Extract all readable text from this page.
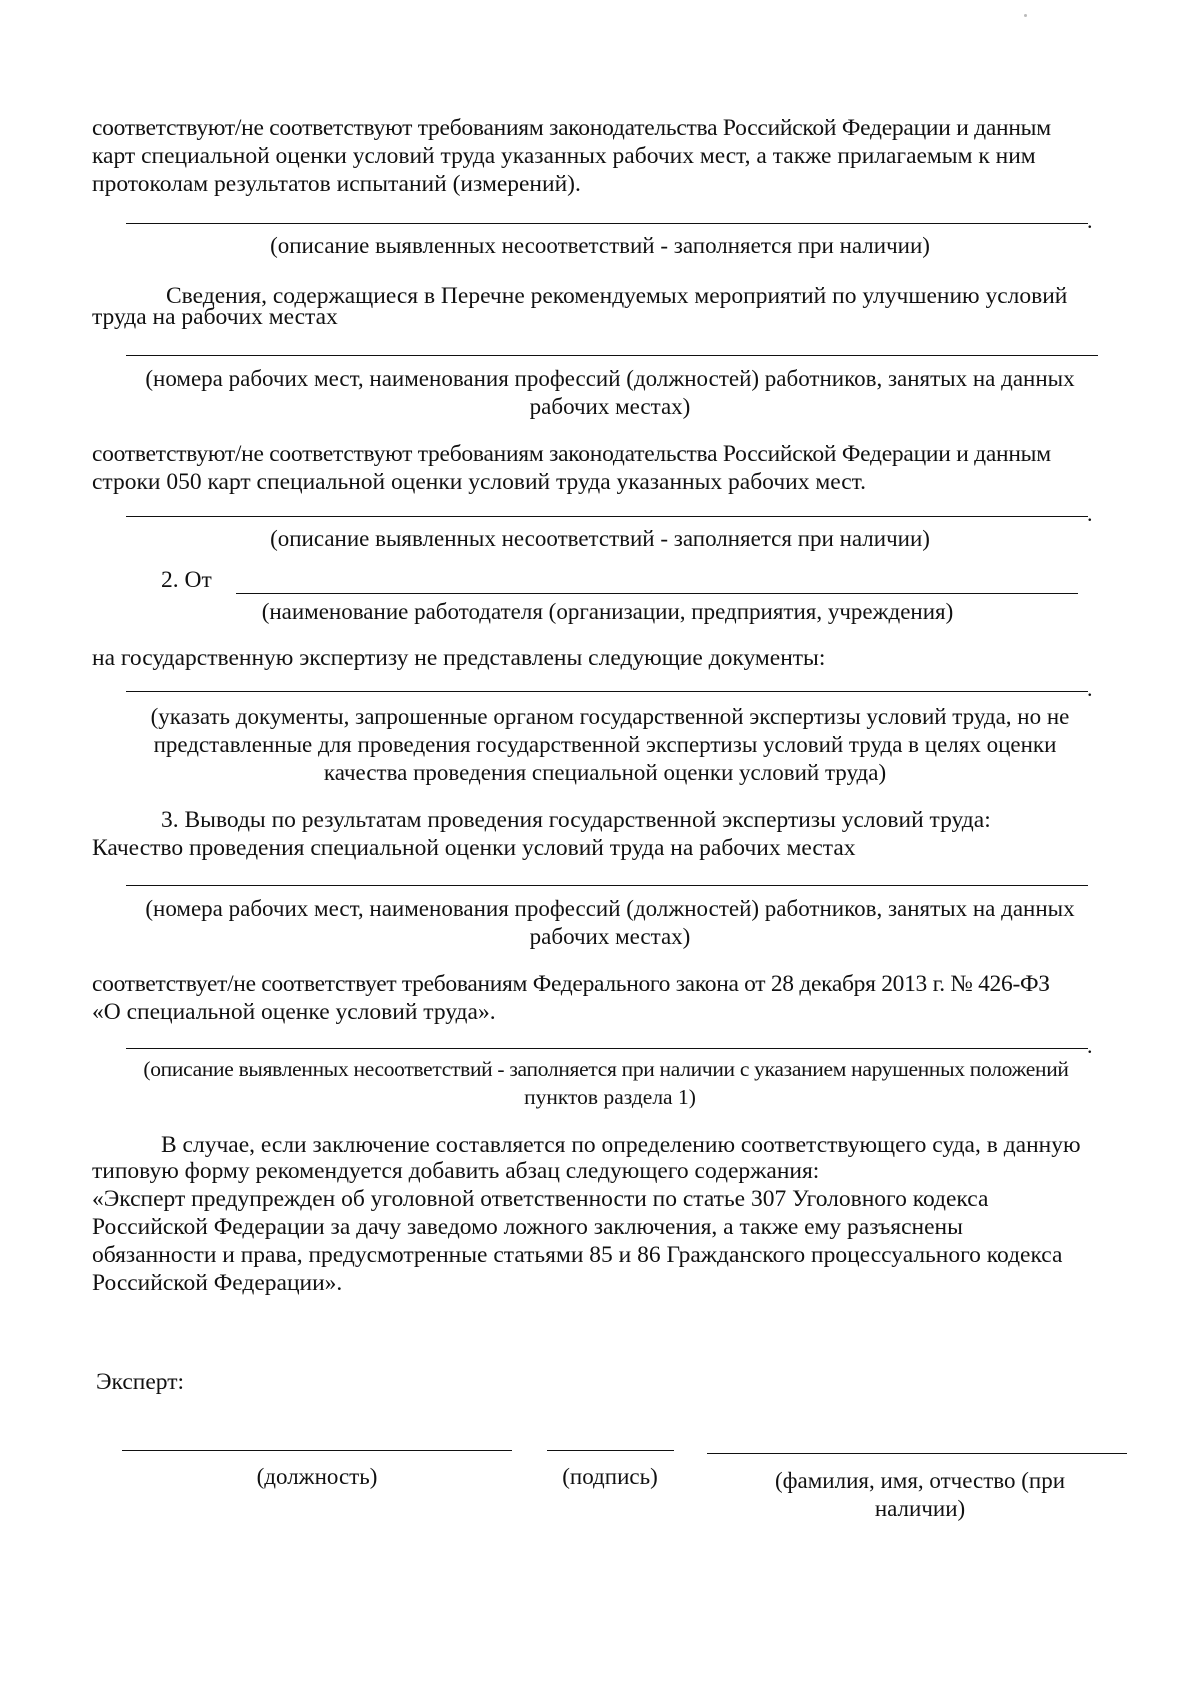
соответствуют/не соответствуют требованиям законодательства Российской Федерации и данным
карт специальной оценки условий труда указанных рабочих мест, а также прилагаемым к ним
протоколам результатов испытаний (измерений).
.
(описание выявленных несоответствий - заполняется при наличии)
Сведения, содержащиеся в Перечне рекомендуемых мероприятий по улучшению условий
труда на рабочих местах
(номера рабочих мест, наименования профессий (должностей) работников, занятых на данных
рабочих местах)
соответствуют/не соответствуют требованиям законодательства Российской Федерации и данным
строки 050 карт специальной оценки условий труда указанных рабочих мест.
.
(описание выявленных несоответствий - заполняется при наличии)
2. От
(наименование работодателя (организации, предприятия, учреждения)
на государственную экспертизу не представлены следующие документы:
.
(указать документы, запрошенные органом государственной экспертизы условий труда, но не
представленные для проведения государственной экспертизы условий труда в целях оценки
качества проведения специальной оценки условий труда)
3. Выводы по результатам проведения государственной экспертизы условий труда:
Качество проведения специальной оценки условий труда на рабочих местах
(номера рабочих мест, наименования профессий (должностей) работников, занятых на данных
рабочих местах)
соответствует/не соответствует требованиям Федерального закона от 28 декабря 2013 г. № 426-ФЗ
«О специальной оценке условий труда».
.
(описание выявленных несоответствий - заполняется при наличии с указанием нарушенных положений
пунктов раздела 1)
В случае, если заключение составляется по определению соответствующего суда, в данную
типовую форму рекомендуется добавить абзац следующего содержания:
«Эксперт предупрежден об уголовной ответственности по статье 307 Уголовного кодекса
Российской Федерации за дачу заведомо ложного заключения, а также ему разъяснены
обязанности и права, предусмотренные статьями 85 и 86 Гражданского процессуального кодекса
Российской Федерации».
Эксперт:
(должность)	(подпись)	(фамилия, имя, отчество (при
наличии)
